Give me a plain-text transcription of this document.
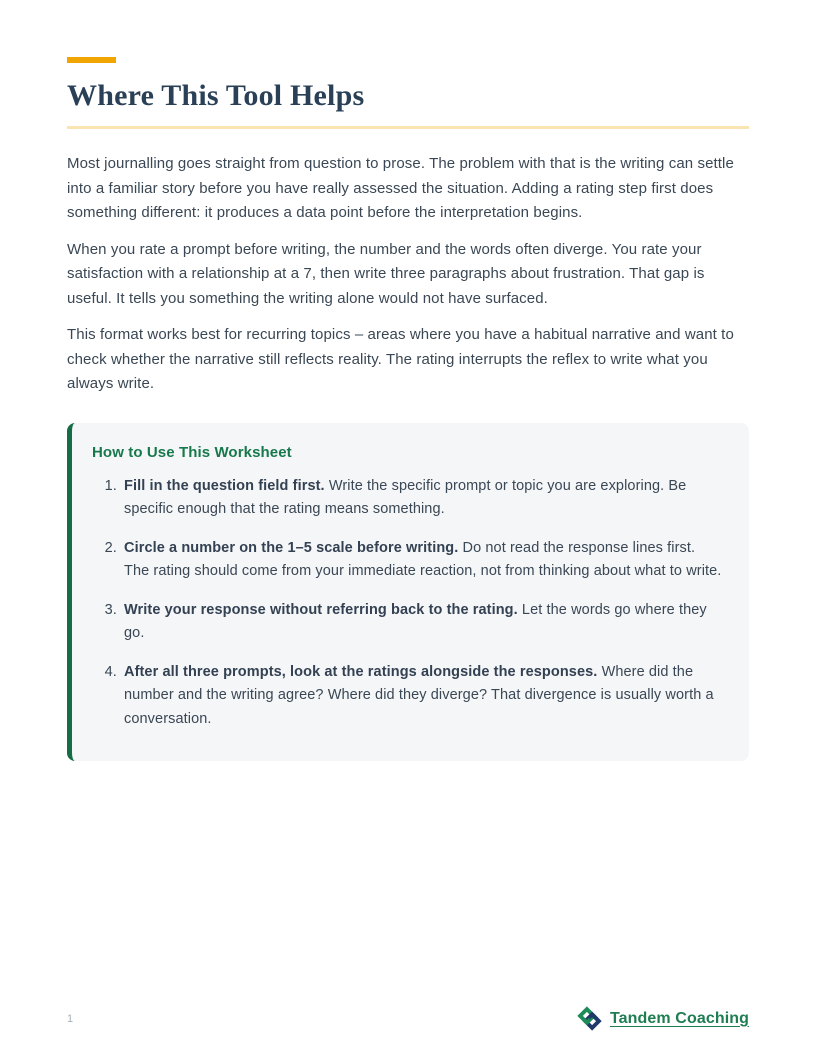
Where This Tool Helps

Most journalling goes straight from question to prose. The problem with that is the writing can settle into a familiar story before you have really assessed the situation. Adding a rating step first does something different: it produces a data point before the interpretation begins.

When you rate a prompt before writing, the number and the words often diverge. You rate your satisfaction with a relationship at a 7, then write three paragraphs about frustration. That gap is useful. It tells you something the writing alone would not have surfaced.

This format works best for recurring topics – areas where you have a habitual narrative and want to check whether the narrative still reflects reality. The rating interrupts the reflex to write what you always write.

How to Use This Worksheet
1. Fill in the question field first. Write the specific prompt or topic you are exploring. Be specific enough that the rating means something.
2. Circle a number on the 1–5 scale before writing. Do not read the response lines first. The rating should come from your immediate reaction, not from thinking about what to write.
3. Write your response without referring back to the rating. Let the words go where they go.
4. After all three prompts, look at the ratings alongside the responses. Where did the number and the writing agree? Where did they diverge? That divergence is usually worth a conversation.
1	Tandem Coaching
